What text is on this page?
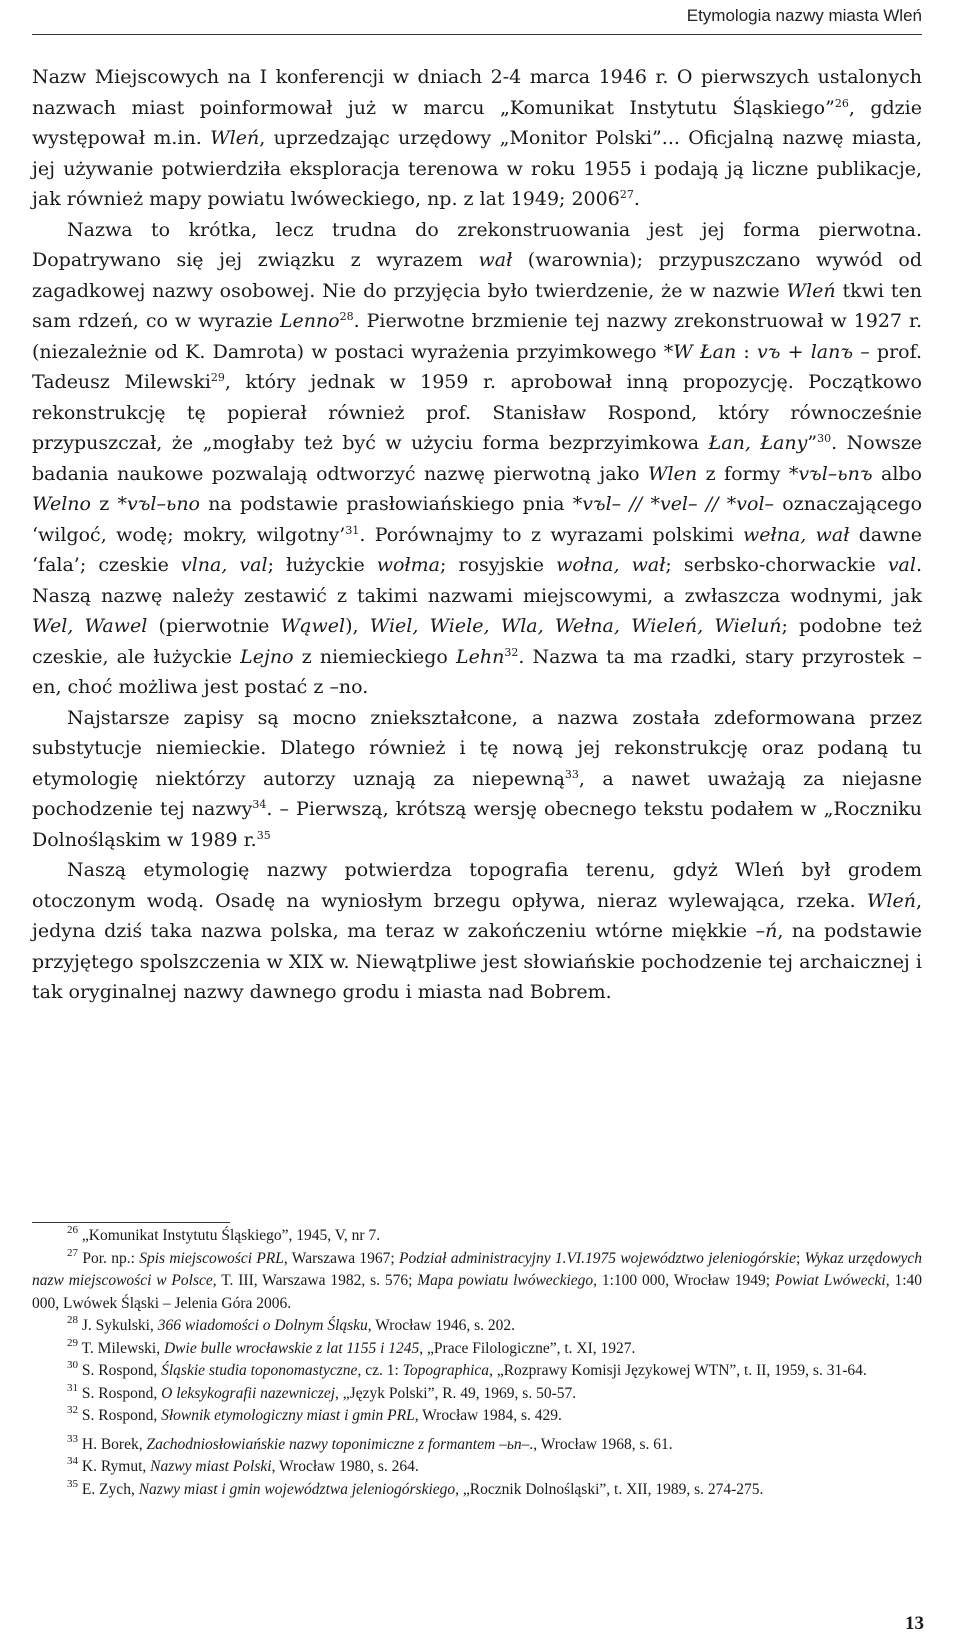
Etymologia nazwy miasta Wleń

Nazw Miejscowych na I konferencji w dniach 2-4 marca 1946 r. O pierwszych ustalonych nazwach miast poinformował już w marcu „Komunikat Instytutu Śląskiego”$^{26}$, gdzie występował m.in. Wleń, uprzedzając urzędowy „Monitor Polski”... Oficjalną nazwę miasta, jej używanie potwierdziła eksploracja terenowa w roku 1955 i podają ją liczne publikacje, jak również mapy powiatu lwóweckiego, np. z lat 1949; 2006$^{27}$.

Nazwa to krótka, lecz trudna do zrekonstruowania jest jej forma pierwotna. Dopatrywano się jej związku z wyrazem wał (warownia); przypuszczano wywód od zagadkowej nazwy osobowej. Nie do przyjęcia było twierdzenie, że w nazwie Wleń tkwi ten sam rdzeń, co w wyrazie Lenno$^{28}$. Pierwotne brzmienie tej nazwy zrekonstruował w 1927 r. (niezależnie od K. Damrota) w postaci wyrażenia przyimkowego *W Łan : vъ + lanъ – prof. Tadeusz Milewski$^{29}$, który jednak w 1959 r. aprobował inną propozycję. Początkowo rekonstrukcję tę popierał również prof. Stanisław Rospond, który równocześnie przypuszczał, że „mogłaby też być w użyciu forma bezprzyimkowa Łan, Łany”$^{30}$. Nowsze badania naukowe pozwalają odtworzyć nazwę pierwotną jako Wlen z formy *vъl–ьnъ albo Welno z *vъl–ьno na podstawie prasłowiańskiego pnia *vъl– // *vel– // *vol– oznaczającego ‘wilgoć, wodę; mokry, wilgotny’$^{31}$. Porównajmy to z wyrazami polskimi wełna, wał dawne ‘fala’; czeskie vlna, val; łużyckie wołma; rosyjskie wołna, wał; serbsko-chorwackie val. Naszą nazwę należy zestawić z takimi nazwami miejscowymi, a zwłaszcza wodnymi, jak Wel, Wawel (pierwotnie Wąwel), Wiel, Wiele, Wla, Wełna, Wieleń, Wieluń; podobne też czeskie, ale łużyckie Lejno z niemieckiego Lehn$^{32}$. Nazwa ta ma rzadki, stary przyrostek –en, choć możliwa jest postać z –no.

Najstarsze zapisy są mocno zniekształcone, a nazwa została zdeformowana przez substytucje niemieckie. Dlatego również i tę nową jej rekonstrukcję oraz podaną tu etymologię niektórzy autorzy uznają za niepewną$^{33}$, a nawet uważają za niejasne pochodzenie tej nazwy$^{34}$. – Pierwszą, krótszą wersję obecnego tekstu podałem w „Roczniku Dolnośląskim w 1989 r.$^{35}$

Naszą etymologię nazwy potwierdza topografia terenu, gdyż Wleń był grodem otoczonym wodą. Osadę na wyniosłym brzegu opływa, nieraz wylewająca, rzeka. Wleń, jedyna dziś taka nazwa polska, ma teraz w zakończeniu wtórne miękkie –ń, na podstawie przyjętego spolszczenia w XIX w. Niewątpliwe jest słowiańskie pochodzenie tej archaicznej i tak oryginalnej nazwy dawnego grodu i miasta nad Bobrem.

$^{26}$ „Komunikat Instytutu Śląskiego”, 1945, V, nr 7.

$^{27}$ Por. np.: Spis miejscowości PRL, Warszawa 1967; Podział administracyjny 1.VI.1975 województwo jeleniogórskie; Wykaz urzędowych nazw miejscowości w Polsce, T. III, Warszawa 1982, s. 576; Mapa powiatu lwóweckiego, 1:100 000, Wrocław 1949; Powiat Lwówecki, 1:40 000, Lwówek Śląski – Jelenia Góra 2006.

$^{28}$ J. Sykulski, 366 wiadomości o Dolnym Śląsku, Wrocław 1946, s. 202.

$^{29}$ T. Milewski, Dwie bulle wrocławskie z lat 1155 i 1245, „Prace Filologiczne”, t. XI, 1927.

$^{30}$ S. Rospond, Śląskie studia toponomastyczne, cz. 1: Topographica, „Rozprawy Komisji Językowej WTN”, t. II, 1959, s. 31-64.

$^{31}$ S. Rospond, O leksykografii nazewniczej, „Język Polski”, R. 49, 1969, s. 50-57.

$^{32}$ S. Rospond, Słownik etymologiczny miast i gmin PRL, Wrocław 1984, s. 429.

$^{33}$ H. Borek, Zachodniosłowiańskie nazwy toponimiczne z formantem –ьn–., Wrocław 1968, s. 61.

$^{34}$ K. Rymut, Nazwy miast Polski, Wrocław 1980, s. 264.

$^{35}$ E. Zych, Nazwy miast i gmin województwa jeleniogórskiego, „Rocznik Dolnośląski”, t. XII, 1989, s. 274-275.

13
